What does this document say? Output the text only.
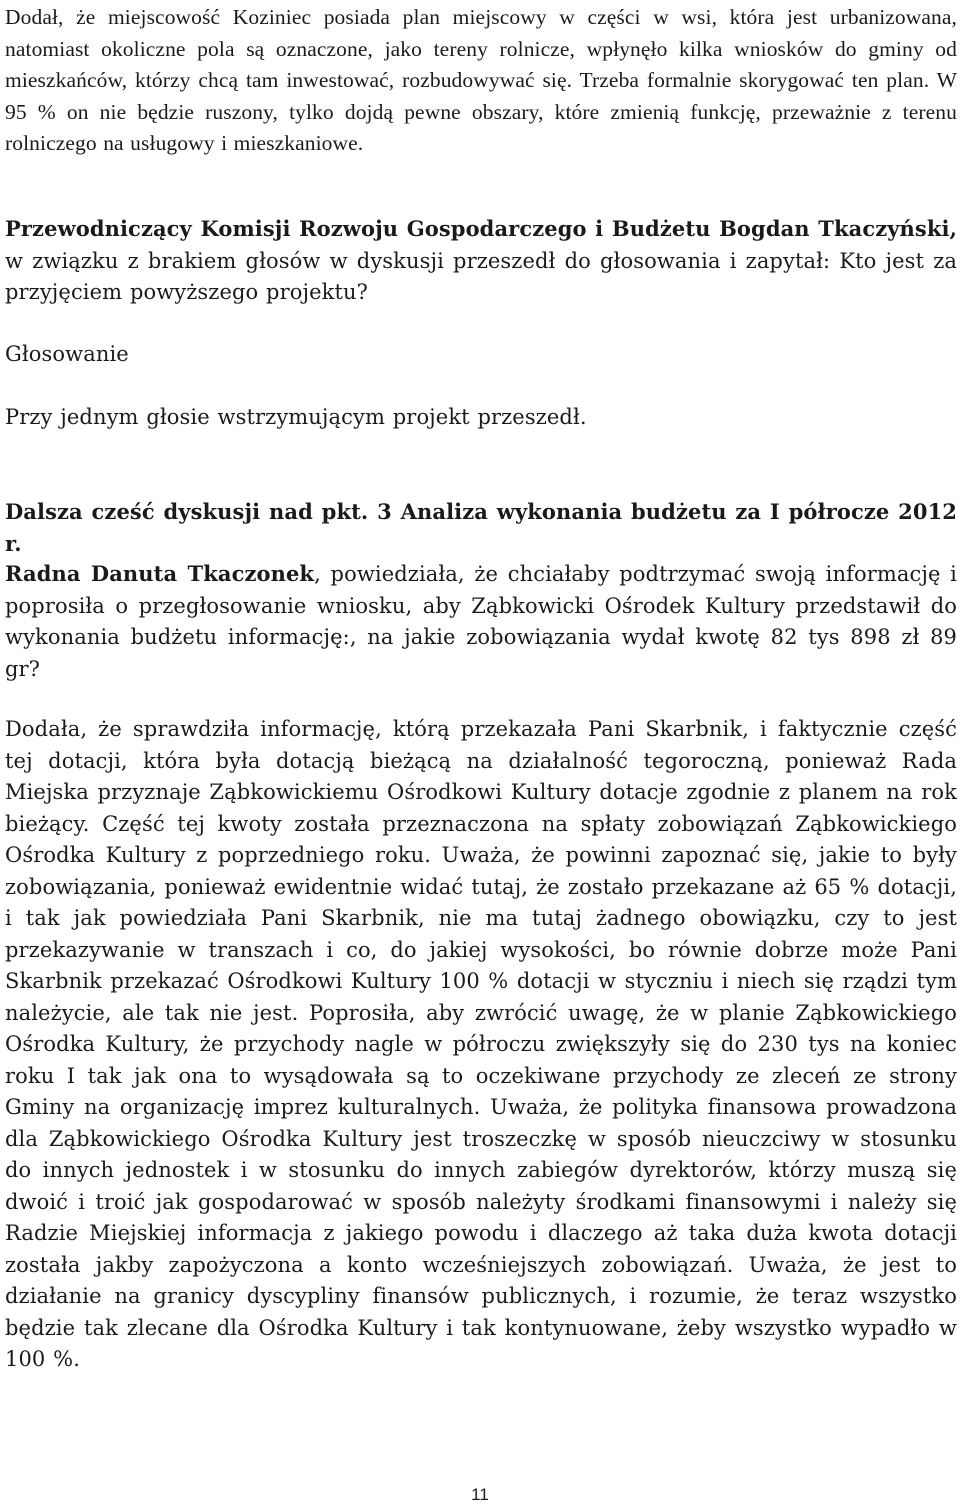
Dodał, że miejscowość Koziniec posiada plan miejscowy w części w wsi, która jest urbanizowana, natomiast okoliczne pola są oznaczone, jako tereny rolnicze, wpłynęło kilka wniosków do gminy od mieszkańców, którzy chcą tam inwestować, rozbudowywać się. Trzeba formalnie skorygować ten plan. W 95 % on nie będzie ruszony, tylko dojdą pewne obszary, które zmienią funkcję, przeważnie z terenu rolniczego na usługowy i mieszkaniowe.

Przewodniczący Komisji Rozwoju Gospodarczego i Budżetu Bogdan Tkaczyński, w związku z brakiem głosów w dyskusji przeszedł do głosowania i zapytał: Kto jest za przyjęciem powyższego projektu?

Głosowanie

Przy jednym głosie wstrzymującym projekt przeszedł.

Dalsza cześć dyskusji nad pkt. 3 Analiza wykonania budżetu za I półrocze 2012 r.

Radna Danuta Tkaczonek, powiedziała, że chciałaby podtrzymać swoją informację i poprosiła o przegłosowanie wniosku, aby Ząbkowicki Ośrodek Kultury przedstawił do wykonania budżetu informację:, na jakie zobowiązania wydał kwotę 82 tys 898 zł 89 gr?

Dodała, że sprawdziła informację, którą przekazała Pani Skarbnik, i faktycznie część tej dotacji, która była dotacją bieżącą na działalność tegoroczną, ponieważ Rada Miejska przyznaje Ząbkowickiemu Ośrodkowi Kultury dotacje zgodnie z planem na rok bieżący. Część tej kwoty została przeznaczona na spłaty zobowiązań Ząbkowickiego Ośrodka Kultury z poprzedniego roku. Uważa, że powinni zapoznać się, jakie to były zobowiązania, ponieważ ewidentnie widać tutaj, że zostało przekazane aż 65 % dotacji, i tak jak powiedziała Pani Skarbnik, nie ma tutaj żadnego obowiązku, czy to jest przekazywanie w transzach i co, do jakiej wysokości, bo równie dobrze może Pani Skarbnik przekazać Ośrodkowi Kultury 100 % dotacji w styczniu i niech się rządzi tym należycie, ale tak nie jest. Poprosiła, aby zwrócić uwagę, że w planie Ząbkowickiego Ośrodka Kultury, że przychody nagle w półroczu zwiększyły się do 230 tys na koniec roku I tak jak ona to wysądowała są to oczekiwane przychody ze zleceń ze strony Gminy na organizację imprez kulturalnych. Uważa, że polityka finansowa prowadzona dla Ząbkowickiego Ośrodka Kultury jest troszeczkę w sposób nieuczciwy w stosunku do innych jednostek i w stosunku do innych zabiegów dyrektorów, którzy muszą się dwoić i troić jak gospodarować w sposób należyty środkami finansowymi i należy się Radzie Miejskiej informacja z jakiego powodu i dlaczego aż taka duża kwota dotacji została jakby zapożyczona a konto wcześniejszych zobowiązań. Uważa, że jest to działanie na granicy dyscypliny finansów publicznych, i rozumie, że teraz wszystko będzie tak zlecane dla Ośrodka Kultury i tak kontynuowane, żeby wszystko wypadło w 100 %.

11
